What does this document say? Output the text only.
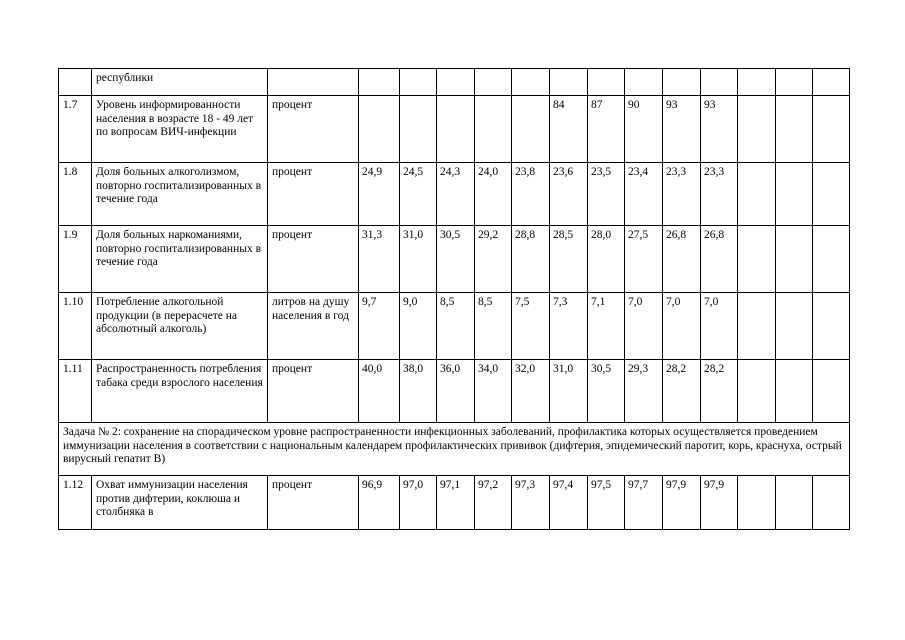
	республики														
1.7	Уровень информированности населения в возрасте 18 - 49 лет по вопросам ВИЧ-инфекции	процент						84	87	90	93	93			
1.8	Доля больных алкоголизмом, повторно госпитализированных в течение года	процент	24,9	24,5	24,3	24,0	23,8	23,6	23,5	23,4	23,3	23,3			
1.9	Доля больных наркоманиями, повторно госпитализированных в течение года	процент	31,3	31,0	30,5	29,2	28,8	28,5	28,0	27,5	26,8	26,8			
1.10	Потребление алкогольной продукции (в перерасчете на абсолютный алкоголь)	литров на душу населения в год	9,7	9,0	8,5	8,5	7,5	7,3	7,1	7,0	7,0	7,0			
1.11	Распространенность потребления табака среди взрослого населения	процент	40,0	38,0	36,0	34,0	32,0	31,0	30,5	29,3	28,2	28,2			
Задача № 2: сохранение на спорадическом уровне распространенности инфекционных заболеваний, профилактика которых осуществляется проведением иммунизации населения в соответствии с национальным календарем профилактических прививок (дифтерия, эпидемический паротит, корь, краснуха, острый вирусный гепатит В)															
1.12	Охват иммунизации населения против дифтерии, коклюша и столбняка в	процент	96,9	97,0	97,1	97,2	97,3	97,4	97,5	97,7	97,9	97,9			
